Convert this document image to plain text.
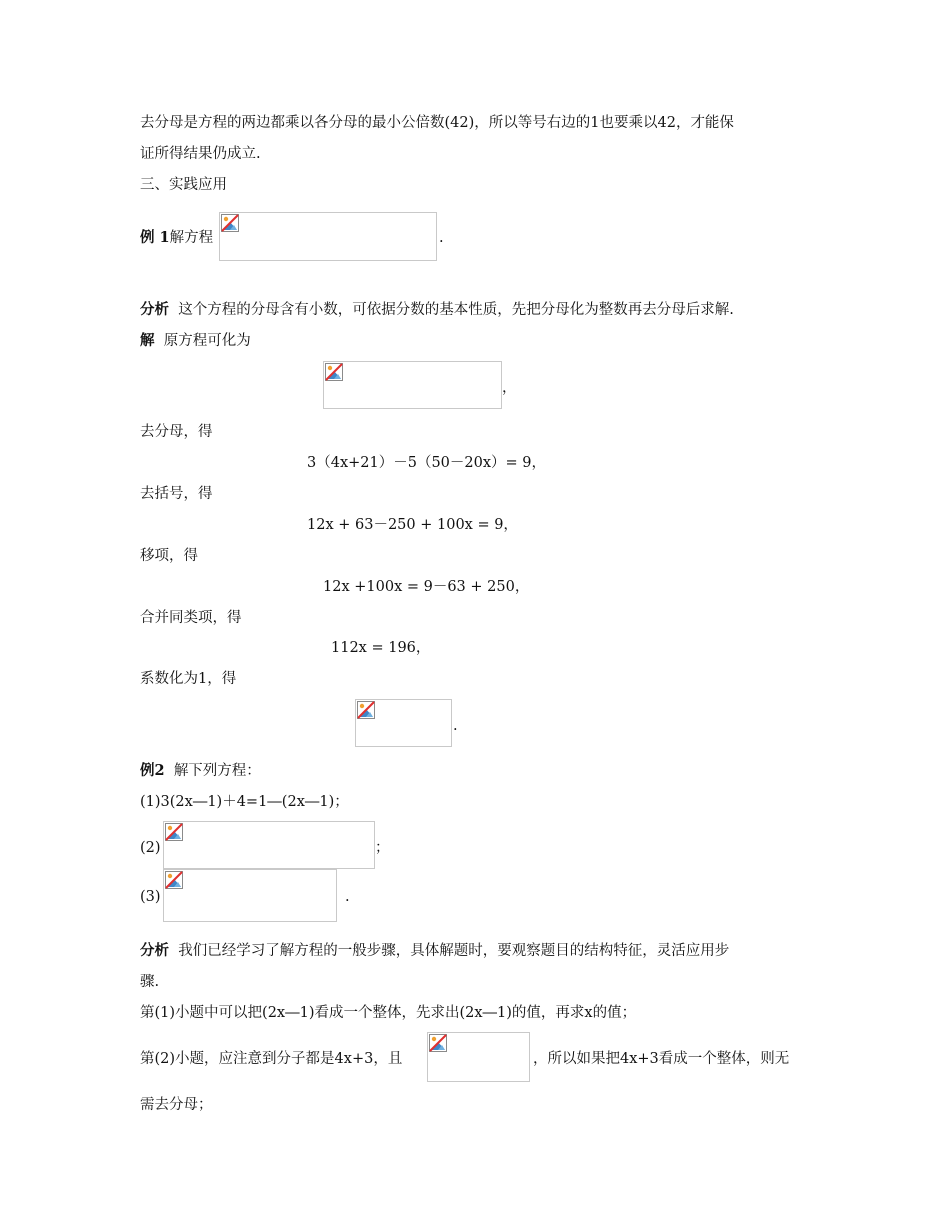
去分母是方程的两边都乘以各分母的最小公倍数(42)，所以等号右边的1也要乘以42，才能保
证所得结果仍成立.
三、实践应用
例 1解方程	.
分析 这个方程的分母含有小数，可依据分数的基本性质，先把分母化为整数再去分母后求解.
解 原方程可化为
，
去分母，得
3（4x+21）－5（50－20x）= 9，
去括号，得
12x + 63－250 + 100x = 9，
移项，得
12x +100x = 9－63 + 250，
合并同类项，得
112x = 196，
系数化为1，得
.
例2 解下列方程：
(1)3(2x―1)＋4=1―(2x―1)；
(2)	；
(3)	.
分析 我们已经学习了解方程的一般步骤，具体解题时，要观察题目的结构特征，灵活应用步
骤.
第(1)小题中可以把(2x―1)看成一个整体，先求出(2x―1)的值，再求x的值；
第(2)小题，应注意到分子都是4x+3，且	，所以如果把4x+3看成一个整体，则无
需去分母；
